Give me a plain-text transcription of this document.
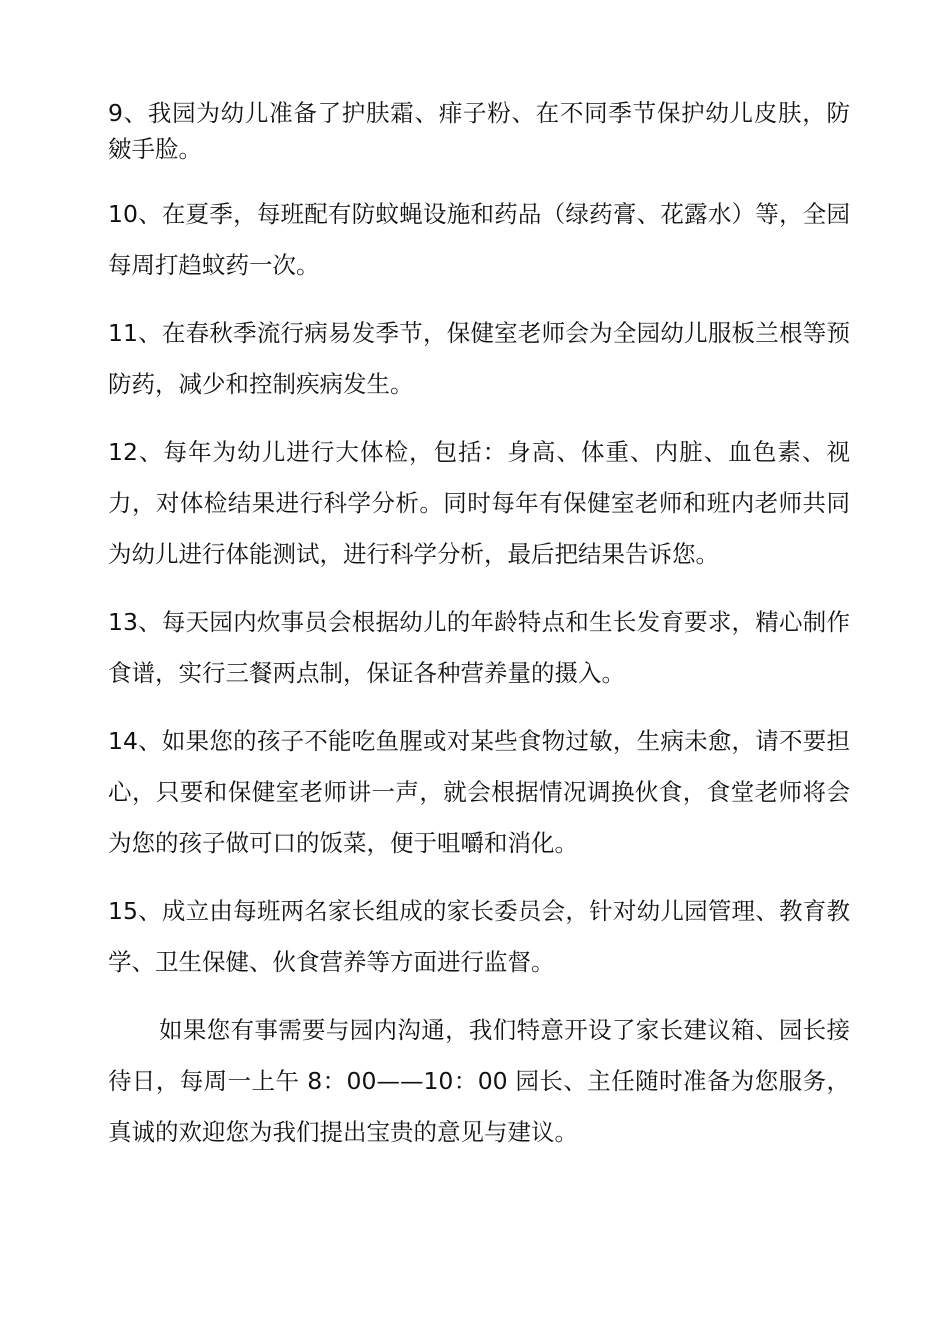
9、我园为幼儿准备了护肤霜、痱子粉、在不同季节保护幼儿皮肤，防皴手脸。

10、在夏季，每班配有防蚊蝇设施和药品（绿药膏、花露水）等，全园每周打趋蚊药一次。

11、在春秋季流行病易发季节，保健室老师会为全园幼儿服板兰根等预防药，减少和控制疾病发生。

12、每年为幼儿进行大体检，包括：身高、体重、内脏、血色素、视力，对体检结果进行科学分析。同时每年有保健室老师和班内老师共同为幼儿进行体能测试，进行科学分析，最后把结果告诉您。

13、每天园内炊事员会根据幼儿的年龄特点和生长发育要求，精心制作食谱，实行三餐两点制，保证各种营养量的摄入。

14、如果您的孩子不能吃鱼腥或对某些食物过敏，生病未愈，请不要担心，只要和保健室老师讲一声，就会根据情况调换伙食，食堂老师将会为您的孩子做可口的饭菜，便于咀嚼和消化。

15、成立由每班两名家长组成的家长委员会，针对幼儿园管理、教育教学、卫生保健、伙食营养等方面进行监督。

如果您有事需要与园内沟通，我们特意开设了家长建议箱、园长接待日，每周一上午 8：00——10：00 园长、主任随时准备为您服务，真诚的欢迎您为我们提出宝贵的意见与建议。
